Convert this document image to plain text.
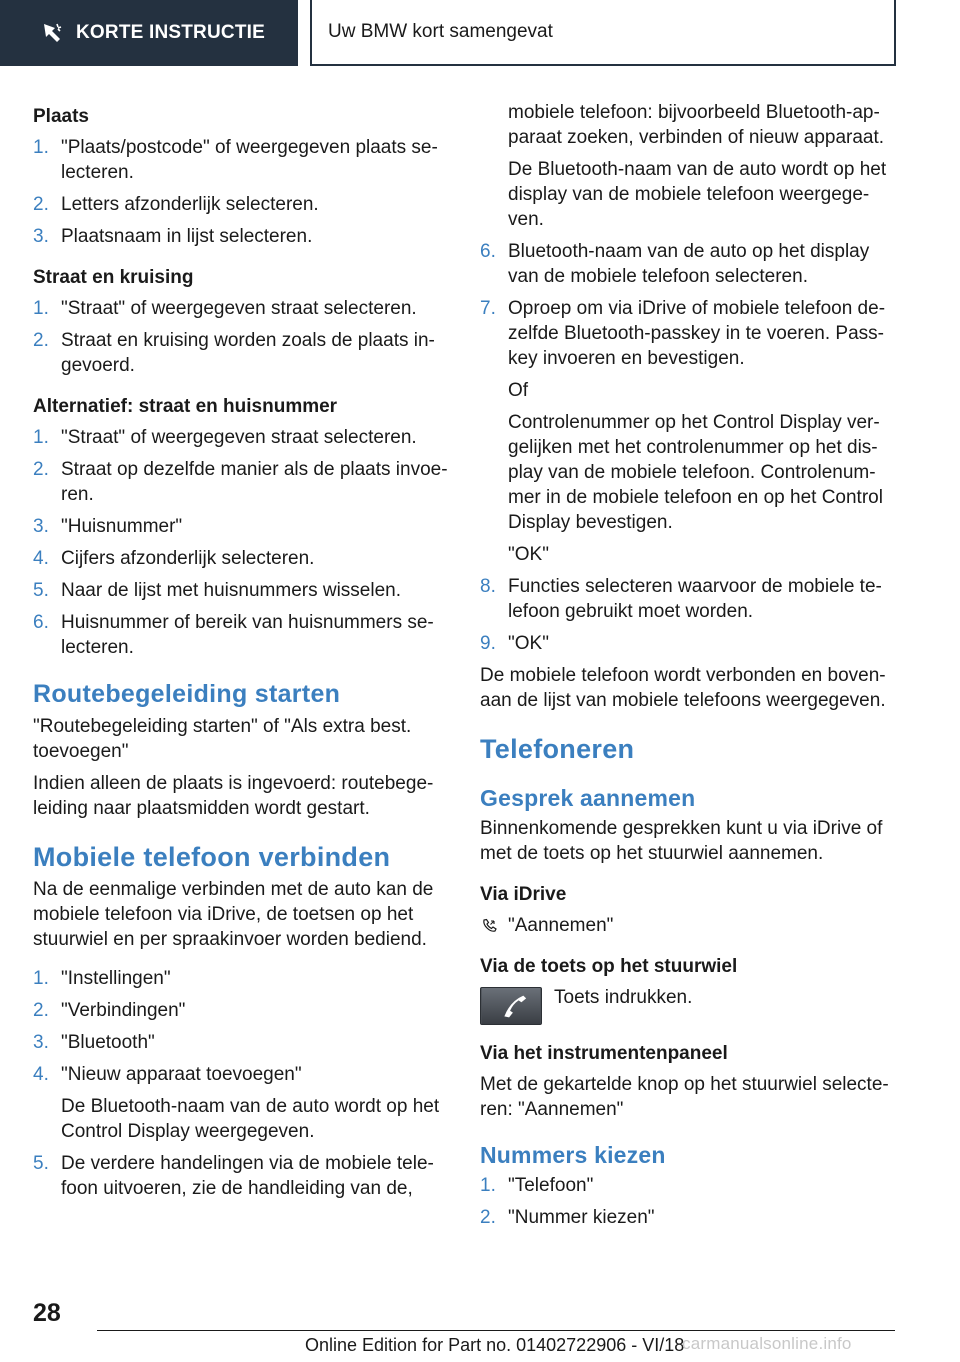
KORTE INSTRUCTIE	Uw BMW kort samengevat
Plaats
1. "Plaats/postcode" of weergegeven plaats se-lecteren.
2. Letters afzonderlijk selecteren.
3. Plaatsnaam in lijst selecteren.
Straat en kruising
1. "Straat" of weergegeven straat selecteren.
2. Straat en kruising worden zoals de plaats in-gevoerd.
Alternatief: straat en huisnummer
1. "Straat" of weergegeven straat selecteren.
2. Straat op dezelfde manier als de plaats invoe-ren.
3. "Huisnummer"
4. Cijfers afzonderlijk selecteren.
5. Naar de lijst met huisnummers wisselen.
6. Huisnummer of bereik van huisnummers se-lecteren.
Routebegeleiding starten

"Routebegeleiding starten" of "Als extra best. toevoegen"

Indien alleen de plaats is ingevoerd: routebege-leiding naar plaatsmidden wordt gestart.

Mobiele telefoon verbinden

Na de eenmalige verbinden met de auto kan de mobiele telefoon via iDrive, de toetsen op het stuurwiel en per spraakinvoer worden bediend.

1. "Instellingen"
2. "Verbindingen"
3. "Bluetooth"
4. "Nieuw apparaat toevoegen"
De Bluetooth-naam van de auto wordt op het Control Display weergegeven.
5. De verdere handelingen via de mobiele tele-foon uitvoeren, zie de handleiding van de,

mobiele telefoon: bijvoorbeeld Bluetooth-ap-paraat zoeken, verbinden of nieuw apparaat.

De Bluetooth-naam van de auto wordt op het display van de mobiele telefoon weergege-ven.

6. Bluetooth-naam van de auto op het display van de mobiele telefoon selecteren.
7. Oproep om via iDrive of mobiele telefoon de-zelfde Bluetooth-passkey in te voeren. Pass-key invoeren en bevestigen.
Of
Controlenummer op het Control Display ver-gelijken met het controlenummer op het dis-play van de mobiele telefoon. Controlenum-mer in de mobiele telefoon en op het Control Display bevestigen.
"OK"
8. Functies selecteren waarvoor de mobiele te-lefoon gebruikt moet worden.
9. "OK"

De mobiele telefoon wordt verbonden en boven-aan de lijst van mobiele telefoons weergegeven.

Telefoneren
Gesprek aannemen

Binnenkomende gesprekken kunt u via iDrive of met de toets op het stuurwiel aannemen.

Via iDrive
"Aannemen"
Via de toets op het stuurwiel
Toets indrukken.
Via het instrumentenpaneel

Met de gekartelde knop op het stuurwiel selecte-ren: "Aannemen"

Nummers kiezen
1. "Telefoon"
2. "Nummer kiezen"
28
Online Edition for Part no. 01402722906 - VI/18
carmanualsonline.info
